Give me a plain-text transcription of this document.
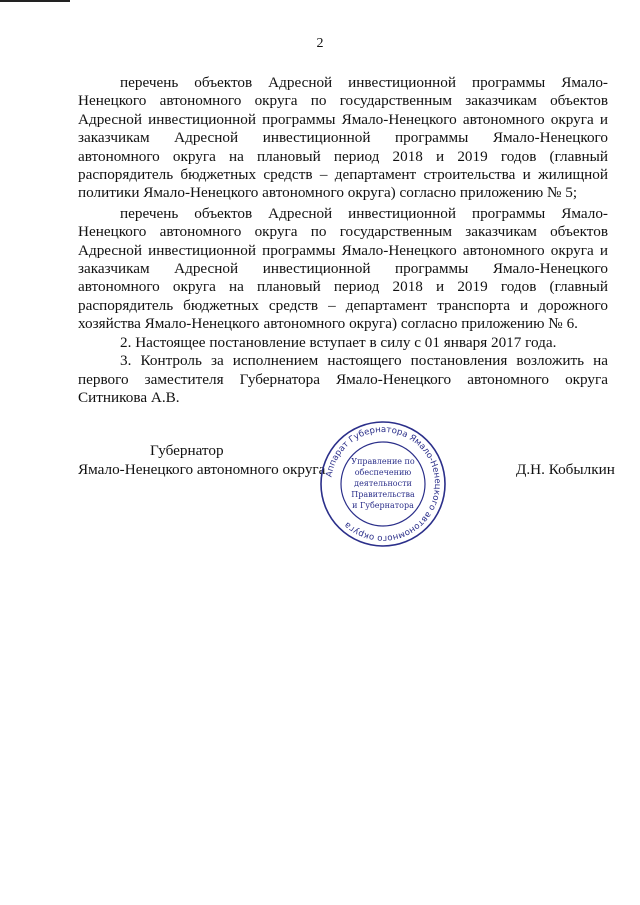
2

перечень объектов Адресной инвестиционной программы Ямало-Ненецкого автономного округа по государственным заказчикам объектов Адресной инвестиционной программы Ямало-Ненецкого автономного округа и заказчикам Адресной инвестиционной программы Ямало-Ненецкого автономного округа на плановый период 2018 и 2019 годов (главный распорядитель бюджетных средств – департамент строительства и жилищной политики Ямало-Ненецкого автономного округа) согласно приложению № 5;

перечень объектов Адресной инвестиционной программы Ямало-Ненецкого автономного округа по государственным заказчикам объектов Адресной инвестиционной программы Ямало-Ненецкого автономного округа и заказчикам Адресной инвестиционной программы Ямало-Ненецкого автономного округа на плановый период 2018 и 2019 годов (главный распорядитель бюджетных средств – департамент транспорта и дорожного хозяйства Ямало-Ненецкого автономного округа) согласно приложению № 6.

2. Настоящее постановление вступает в силу с 01 января 2017 года.

3. Контроль за исполнением настоящего постановления возложить на первого заместителя Губернатора Ямало-Ненецкого автономного округа Ситникова А.В.

Губернатор
Ямало-Ненецкого автономного округа	Д.Н. Кобылкин
Аппарат Губернатора Ямало-Ненецкого автономного округа
Управление по
обеспечению
деятельности
Правительства
и Губернатора
